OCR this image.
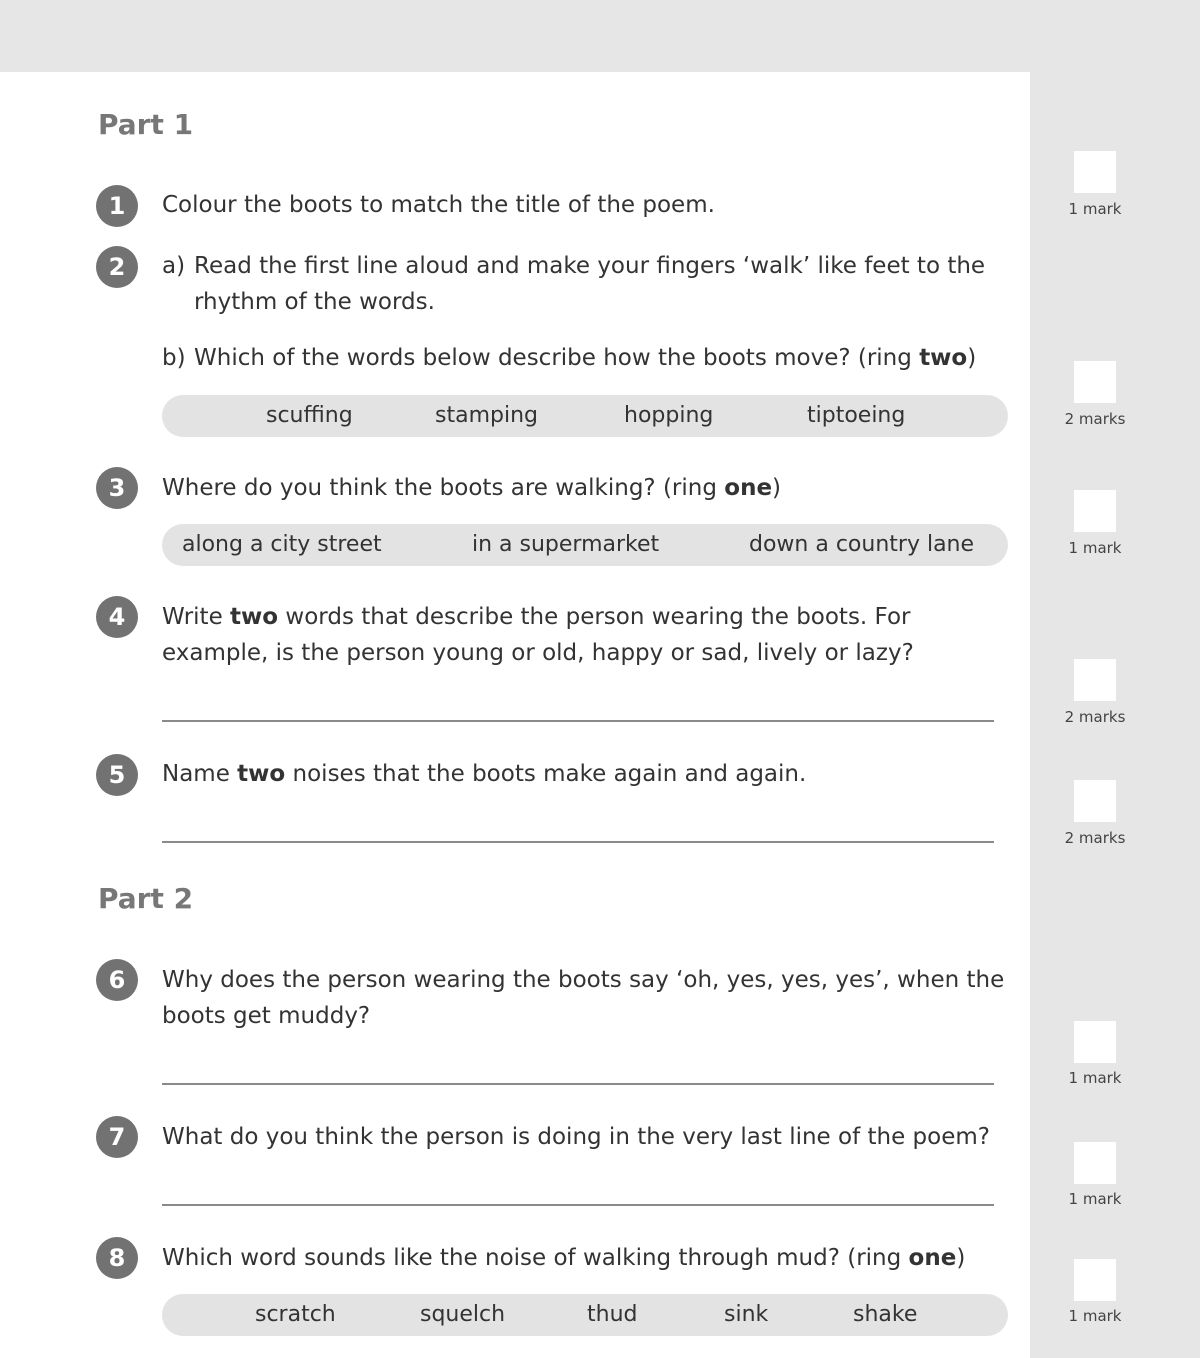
Part 1
1	Colour the boots to match the title of the poem.
2	a) Read the first line aloud and make your fingers ‘walk’ like feet to the
rhythm of the words.
b) Which of the words below describe how the boots move? (ring two)
scuffing	stamping	hopping	tiptoeing
3	Where do you think the boots are walking? (ring one)
along a city street	in a supermarket	down a country lane
4	Write two words that describe the person wearing the boots. For
example, is the person young or old, happy or sad, lively or lazy?
5	Name two noises that the boots make again and again.
Part 2
6	Why does the person wearing the boots say ‘oh, yes, yes, yes’, when the
boots get muddy?
7	What do you think the person is doing in the very last line of the poem?
8	Which word sounds like the noise of walking through mud? (ring one)
scratch	squelch	thud	sink	shake
1 mark
2 marks
1 mark
2 marks
2 marks
1 mark
1 mark
1 mark
